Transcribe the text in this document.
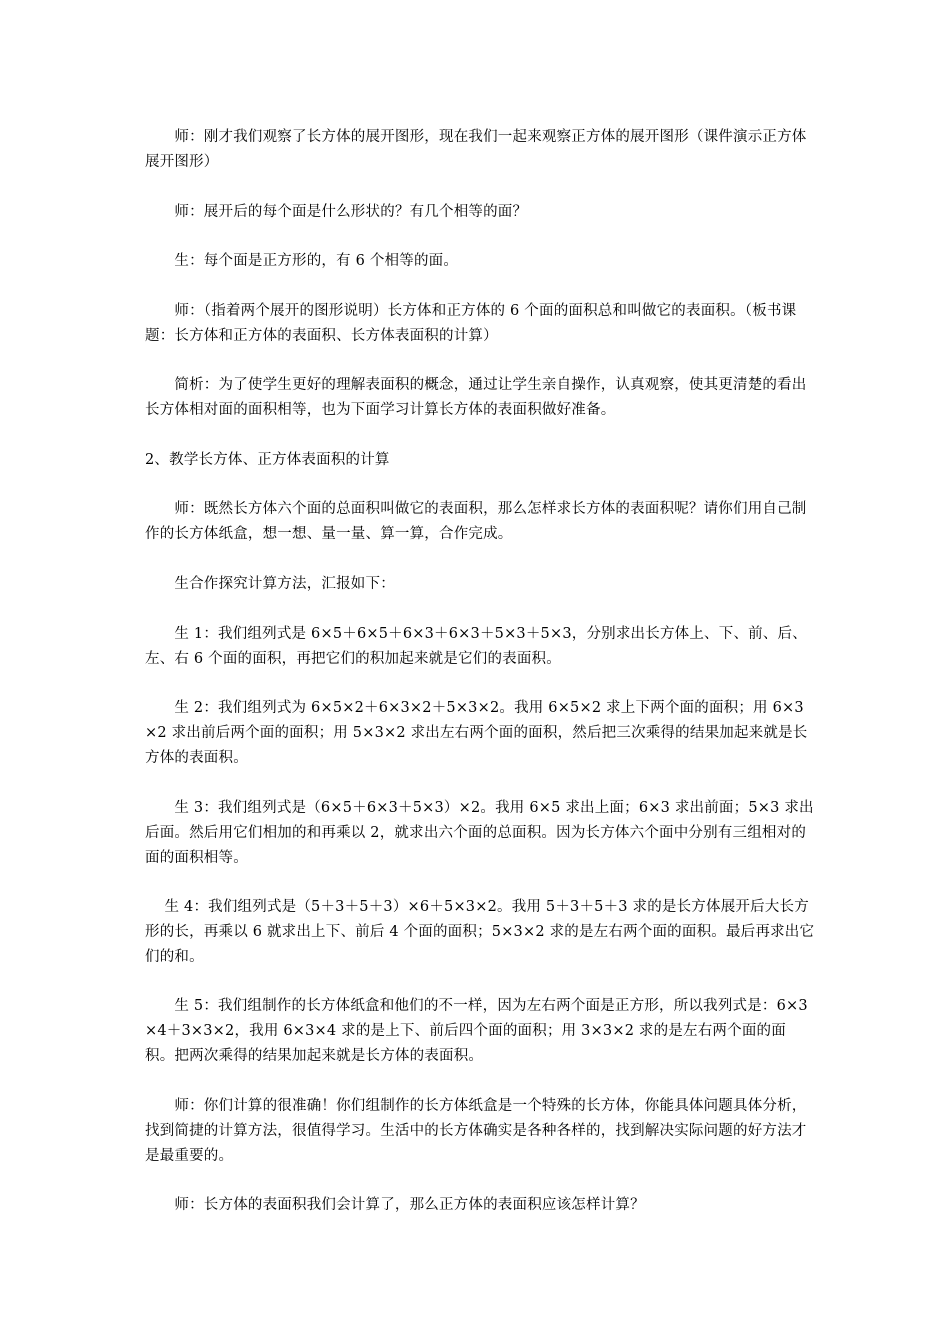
　　师：刚才我们观察了长方体的展开图形，现在我们一起来观察正方体的展开图形（课件演示正方体展开图形）

　　师：展开后的每个面是什么形状的？有几个相等的面？

　　生：每个面是正方形的，有 6 个相等的面。

　　师：（指着两个展开的图形说明）长方体和正方体的 6 个面的面积总和叫做它的表面积。（板书课题：长方体和正方体的表面积、长方体表面积的计算）

　　简析：为了使学生更好的理解表面积的概念，通过让学生亲自操作，认真观察，使其更清楚的看出长方体相对面的面积相等，也为下面学习计算长方体的表面积做好准备。

2、教学长方体、正方体表面积的计算

　　师：既然长方体六个面的总面积叫做它的表面积，那么怎样求长方体的表面积呢？请你们用自己制作的长方体纸盒，想一想、量一量、算一算，合作完成。

　　生合作探究计算方法，汇报如下：

　　生 1：我们组列式是 6×5＋6×5＋6×3＋6×3＋5×3＋5×3，分别求出长方体上、下、前、后、左、右 6 个面的面积，再把它们的积加起来就是它们的表面积。

　　生 2：我们组列式为 6×5×2＋6×3×2＋5×3×2。我用 6×5×2 求上下两个面的面积；用 6×3×2 求出前后两个面的面积；用 5×3×2 求出左右两个面的面积，然后把三次乘得的结果加起来就是长方体的表面积。

　　生 3：我们组列式是（6×5＋6×3＋5×3）×2。我用 6×5 求出上面；6×3 求出前面；5×3 求出后面。然后用它们相加的和再乘以 2，就求出六个面的总面积。因为长方体六个面中分别有三组相对的面的面积相等。

　 生 4：我们组列式是（5＋3＋5＋3）×6＋5×3×2。我用 5＋3＋5＋3 求的是长方体展开后大长方形的长，再乘以 6 就求出上下、前后 4 个面的面积；5×3×2 求的是左右两个面的面积。最后再求出它们的和。

　　生 5：我们组制作的长方体纸盒和他们的不一样，因为左右两个面是正方形，所以我列式是：6×3×4＋3×3×2，我用 6×3×4 求的是上下、前后四个面的面积；用 3×3×2 求的是左右两个面的面积。把两次乘得的结果加起来就是长方体的表面积。

　　师：你们计算的很准确！你们组制作的长方体纸盒是一个特殊的长方体，你能具体问题具体分析，找到简捷的计算方法，很值得学习。生活中的长方体确实是各种各样的，找到解决实际问题的好方法才是最重要的。

　　师：长方体的表面积我们会计算了，那么正方体的表面积应该怎样计算？
